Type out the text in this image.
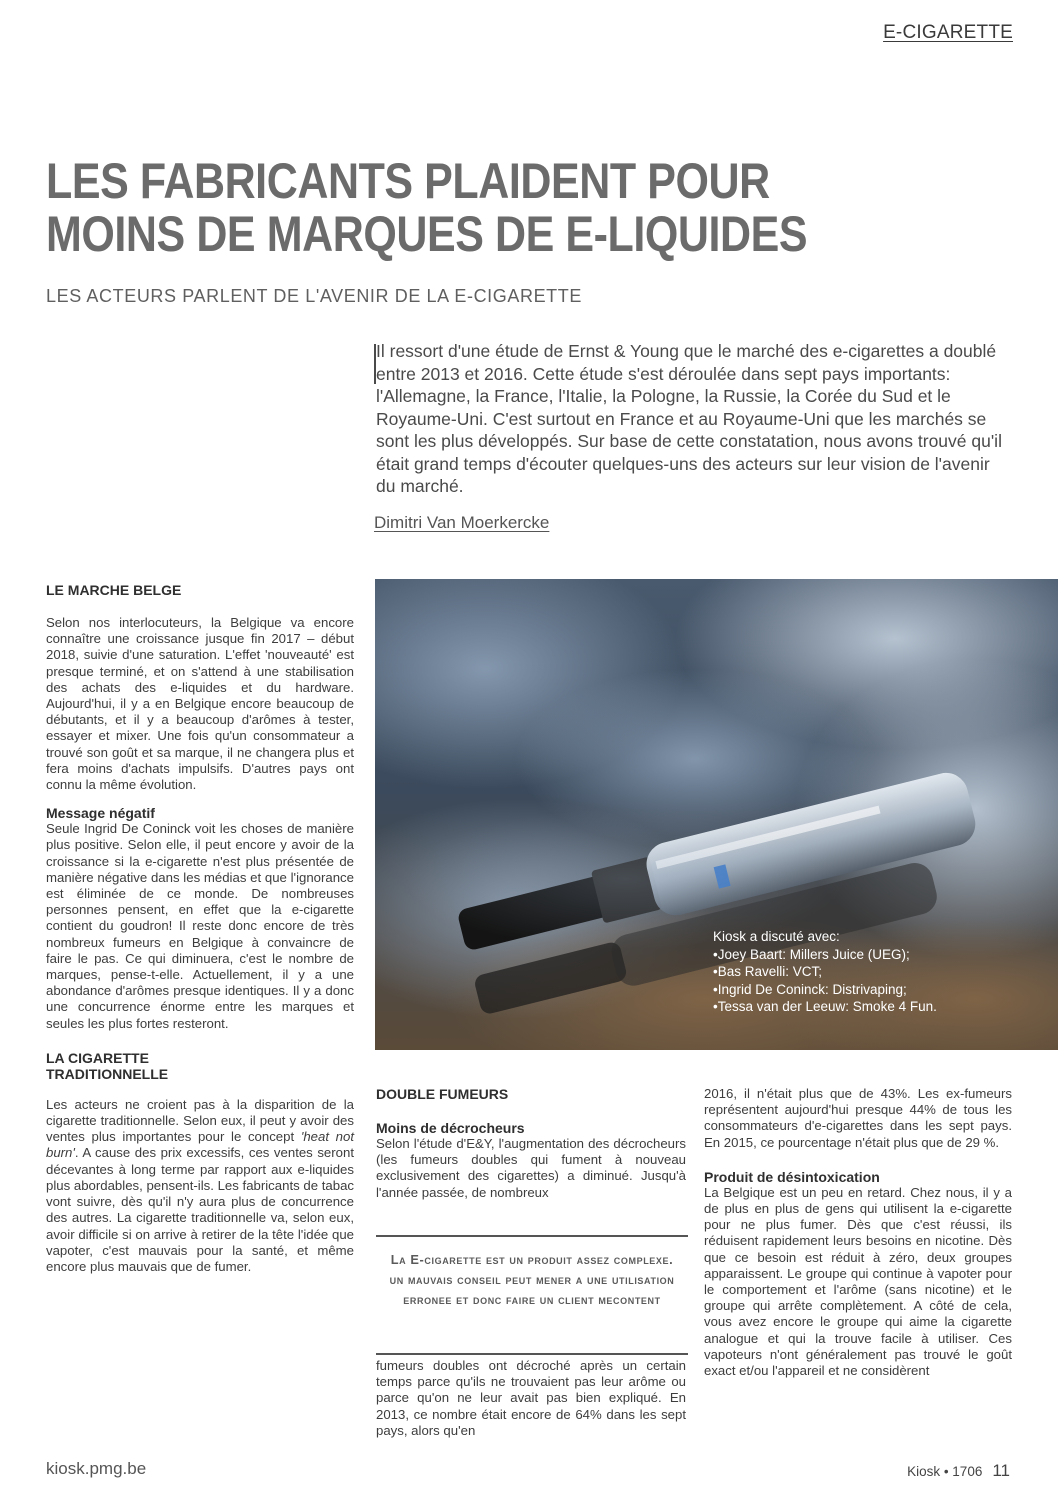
E-CIGARETTE
LES FABRICANTS PLAIDENT POUR
MOINS DE MARQUES DE E-LIQUIDES
LES ACTEURS PARLENT DE L'AVENIR DE LA E-CIGARETTE

Il ressort d'une étude de Ernst & Young que le marché des e-cigarettes a doublé entre 2013 et 2016. Cette étude s'est déroulée dans sept pays importants: l'Allemagne, la France, l'Italie, la Pologne, la Russie, la Corée du Sud et le Royaume-Uni. C'est surtout en France et au Royaume-Uni que les marchés se sont les plus développés. Sur base de cette constatation, nous avons trouvé qu'il était grand temps d'écouter quelques-uns des acteurs sur leur vision de l'avenir du marché.

Dimitri Van Moerkercke
LE MARCHE BELGE

Selon nos interlocuteurs, la Belgique va encore connaître une croissance jusque fin 2017 – début 2018, suivie d'une saturation. L'effet 'nouveauté' est presque terminé, et on s'attend à une stabilisation des achats des e-liquides et du hardware. Aujourd'hui, il y a en Belgique encore beaucoup de débutants, et il y a beaucoup d'arômes à tester, essayer et mixer. Une fois qu'un consommateur a trouvé son goût et sa marque, il ne changera plus et fera moins d'achats impulsifs. D'autres pays ont connu la même évolution.

Message négatif

Seule Ingrid De Coninck voit les choses de manière plus positive. Selon elle, il peut encore y avoir de la croissance si la e-cigarette n'est plus présentée de manière négative dans les médias et que l'ignorance est éliminée de ce monde. De nombreuses personnes pensent, en effet que la e-cigarette contient du goudron! Il reste donc encore de très nombreux fumeurs en Belgique à convaincre de faire le pas. Ce qui diminuera, c'est le nombre de marques, pense-t-elle. Actuellement, il y a une abondance d'arômes presque identiques. Il y a donc une concurrence énorme entre les marques et seules les plus fortes resteront.

LA CIGARETTE
TRADITIONNELLE

Les acteurs ne croient pas à la disparition de la cigarette traditionnelle. Selon eux, il peut y avoir des ventes plus importantes pour le concept 'heat not burn'. A cause des prix excessifs, ces ventes seront décevantes à long terme par rapport aux e-liquides plus abordables, pensent-ils. Les fabricants de tabac vont suivre, dès qu'il n'y aura plus de concurrence des autres. La cigarette traditionnelle va, selon eux, avoir difficile si on arrive à retirer de la tête l'idée que vapoter, c'est mauvais pour la santé, et même encore plus mauvais que de fumer.

Kiosk a discuté avec:
•Joey Baart: Millers Juice (UEG);
•Bas Ravelli: VCT;
•Ingrid De Coninck: Distrivaping;
•Tessa van der Leeuw: Smoke 4 Fun.
DOUBLE FUMEURS
Moins de décrocheurs

Selon l'étude d'E&Y, l'augmentation des décrocheurs (les fumeurs doubles qui fument à nouveau exclusivement des cigarettes) a diminué. Jusqu'à l'année passée, de nombreux

La E-cigarette est un produit assez complexe. un mauvais conseil peut mener a une utilisation erronee et donc faire un client mecontent

fumeurs doubles ont décroché après un certain temps parce qu'ils ne trouvaient pas leur arôme ou parce qu'on ne leur avait pas bien expliqué. En 2013, ce nombre était encore de 64% dans les sept pays, alors qu'en

2016, il n'était plus que de 43%. Les ex-fumeurs représentent aujourd'hui presque 44% de tous les consommateurs d'e-cigarettes dans les sept pays. En 2015, ce pourcentage n'était plus que de 29 %.

Produit de désintoxication

La Belgique est un peu en retard. Chez nous, il y a de plus en plus de gens qui utilisent la e-cigarette pour ne plus fumer. Dès que c'est réussi, ils réduisent rapidement leurs besoins en nicotine. Dès que ce besoin est réduit à zéro, deux groupes apparaissent. Le groupe qui continue à vapoter pour le comportement et l'arôme (sans nicotine) et le groupe qui arrête complètement. A côté de cela, vous avez encore le groupe qui aime la cigarette analogue et qui la trouve facile à utiliser. Ces vapoteurs n'ont généralement pas trouvé le goût exact et/ou l'appareil et ne considèrent

kiosk.pmg.be	Kiosk • 1706 11
